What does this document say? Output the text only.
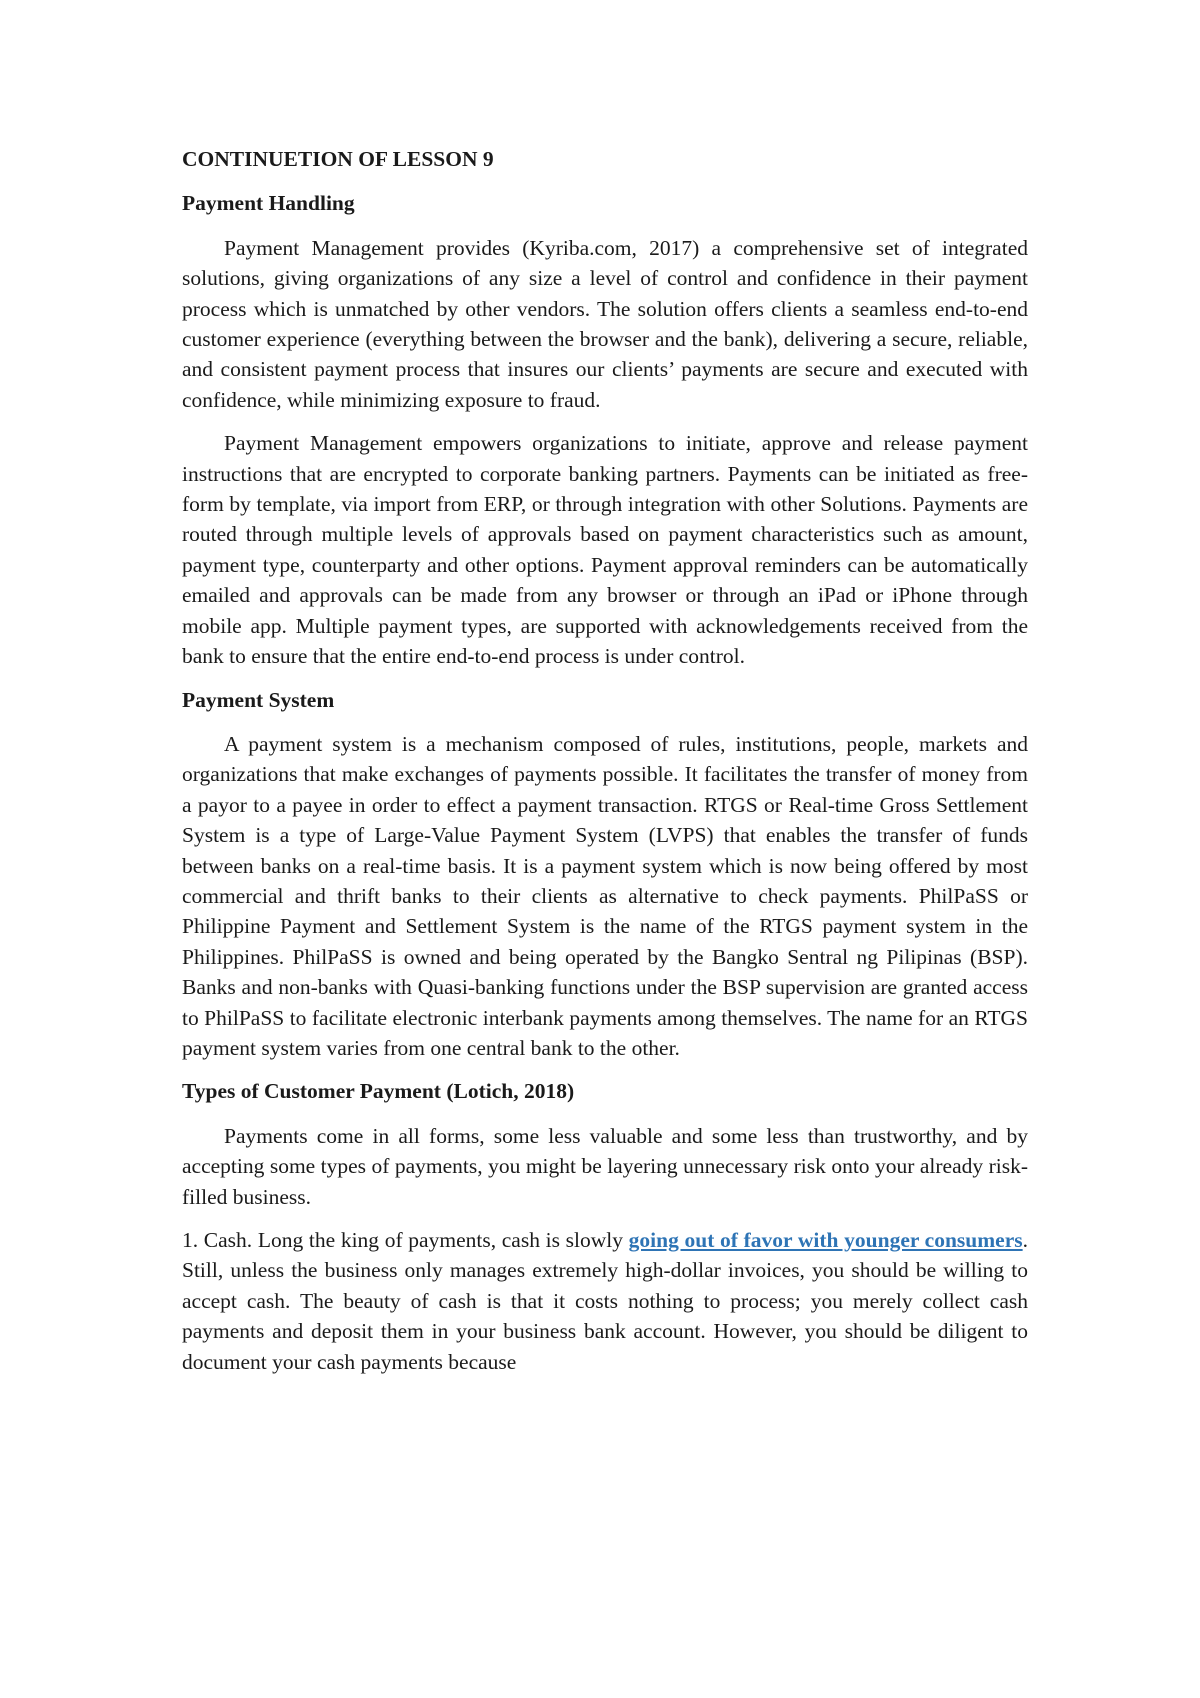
CONTINUETION OF LESSON 9
Payment Handling

Payment Management provides (Kyriba.com, 2017) a comprehensive set of integrated solutions, giving organizations of any size a level of control and confidence in their payment process which is unmatched by other vendors. The solution offers clients a seamless end-to-end customer experience (everything between the browser and the bank), delivering a secure, reliable, and consistent payment process that insures our clients’ payments are secure and executed with confidence, while minimizing exposure to fraud.

Payment Management empowers organizations to initiate, approve and release payment instructions that are encrypted to corporate banking partners. Payments can be initiated as free-form by template, via import from ERP, or through integration with other Solutions. Payments are routed through multiple levels of approvals based on payment characteristics such as amount, payment type, counterparty and other options. Payment approval reminders can be automatically emailed and approvals can be made from any browser or through an iPad or iPhone through mobile app. Multiple payment types, are supported with acknowledgements received from the bank to ensure that the entire end-to-end process is under control.

Payment System

A payment system is a mechanism composed of rules, institutions, people, markets and organizations that make exchanges of payments possible. It facilitates the transfer of money from a payor to a payee in order to effect a payment transaction. RTGS or Real-time Gross Settlement System is a type of Large-Value Payment System (LVPS) that enables the transfer of funds between banks on a real-time basis. It is a payment system which is now being offered by most commercial and thrift banks to their clients as alternative to check payments. PhilPaSS or Philippine Payment and Settlement System is the name of the RTGS payment system in the Philippines. PhilPaSS is owned and being operated by the Bangko Sentral ng Pilipinas (BSP). Banks and non-banks with Quasi-banking functions under the BSP supervision are granted access to PhilPaSS to facilitate electronic interbank payments among themselves. The name for an RTGS payment system varies from one central bank to the other.

Types of Customer Payment (Lotich, 2018)

Payments come in all forms, some less valuable and some less than trustworthy, and by accepting some types of payments, you might be layering unnecessary risk onto your already risk-filled business.

1. Cash. Long the king of payments, cash is slowly going out of favor with younger consumers. Still, unless the business only manages extremely high-dollar invoices, you should be willing to accept cash. The beauty of cash is that it costs nothing to process; you merely collect cash payments and deposit them in your business bank account. However, you should be diligent to document your cash payments because
